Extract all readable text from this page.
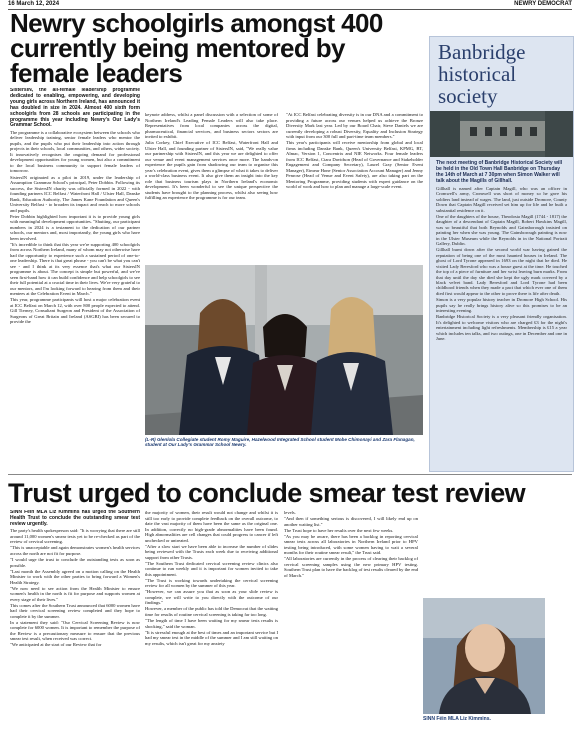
16 March 12, 2024	NEWRY DEMOCRAT
Newry schoolgirls amongst 400 currently being mentored by female leaders

SistersIN, the all-female leadership programme dedicated to enabling, empowering, and developing young girls across Northern Ireland, has announced it has doubled in size in 2024. Almost 400 sixth form schoolgirls from 28 schools are participating in the programme this year including Newry's Our Lady's Grammar School.

The programme is a collaborative ecosystem between the schools who deliver leadership training, senior female leaders who mentor the pupils, and the pupils who put their leadership into action through projects in their schools, local communities, and others, wider society. It innovatively recognises the ongoing demand for professional development opportunities for young women, but also a commitment to the local business community to support female leaders of tomorrow.

SistersIN originated as a pilot in 2019, under the leadership of Assumption Grammar School's principal, Peter Dobbin. Following its success, the SistersIN charity was officially formed in 2022 - with founding partners ICC Belfast / Waterfront Hall / Ulster Hall, Danske Bank, Education Authority, The James Kane Foundation and Queen's University Belfast - to broaden its impact and reach to more schools and pupils.

Peter Dobbin highlighted how important it is to provide young girls with meaningful development opportunities. "Shutting, our participant numbers in 2024 is a testament to the dedication of our partner schools, our mentors and, most importantly, the young girls who have been involved.

"It's incredible to think that this year we're supporting 400 schoolgirls from across Northern Ireland, many of whom may not otherwise have had the opportunity to experience such a sustained period of one-to-one leadership. There is that great phrase - you can't be what you can't see - and I think at its very essence that's what our SistersIN programme is about. The concept is simple but powerful, and we've seen first-hand how it can build confidence and help schoolgirls to see their full potential at a crucial time in their lives. We're very grateful to our mentors, and I'm looking forward to hearing from them and their mentees at the Celebration Event in March."

This year, programme participants will host a major celebration event at ICC Belfast on March 12, with over 800 people expected to attend. Gill Tierney, Consultant Surgeon and President of the Association of Surgeons of Great Britain and Ireland (ASGBI) has been secured to provide the

keynote address, whilst a panel discussion with a selection of some of Northern Ireland's Leading Female Leaders will also take place. Representatives from local companies across the digital, pharmaceutical, financial services, and business sectors sectors are invited to exhibit.

Julia Corkey, Chief Executive of ICC Belfast, Waterfront Hall and Ulster Hall, and founding partner of SistersIN, said, "We really value our partnership with SistersIN, and this year we are delighted to offer our venue and event management services once more. The hands-on experience the pupils gain from shadowing our team to organise this year's celebration event, gives them a glimpse of what it takes to deliver a world-class business event. It also give them an insight into the key role that business tourism plays in Northern Ireland's economic development. It's been wonderful to see the unique perspective the students have brought to the planning process, whilst also seeing how fulfilling an experience the programme is for our team.

"At ICC Belfast celebrating diversity is in our DNA and a commitment to providing a future across our venues helped us achieve the Bronze Diversity Mark last year. Led by our Board Chair, Steve Daniels we are currently developing a robust Diversity, Equality and Inclusion Strategy with input from our 300 full and part-time team members."

This year's participants will receive mentorship from global and local firms including Danske Bank, Queen's University Belfast, KPMG, BT, Almac, Version 1, Concentrix and NIE Networks. Four female leaders from ICC Belfast, Ciara Davidson (Head of Governance and Stakeholder Engagement and Company Secretary), Laurel Gray (Senior Event Manager), Eimear Hone (Senior Association Account Manager) and Jenny Penrose (Head of Venue and Event Safety), are also taking part on the Mentoring Programme, providing students with expert guidance on the world of work and how to plan and manage a large-scale event.

(L-R) Glenlola Collegiate student Romy Maguire, Hazelwood Integrated School student Mobe Chimonayi and Zara Flanagan, student at Our Lady's Grammar School Newry.
Banbridge
historical
society
The next meeting of Banbridge Historical Society will be held in the Old Town Hall Banbridge on Thursday the 14th of March at 7 30pm when Simon Walker will talk about the Magills of Gillhall.

Gillhall is named after Captain Magill, who was an officer in Cromwell's army, Cromwell was short of money so he gave his soldiers land instead of wages. The land, just outside Dromore, County Down that Captain Magill received set him up for life and he built a substantial residence on it.

One of the daughters of the house, Theodosia Magill (1744 - 1817) the daughter of a descendant of Captain Magill, Robert Hawkins Magill, was so beautiful that both Reynolds and Gainsborough insisted on painting her when she was young. The Gainsborough painting is now in the Ulster Museum while the Reynolds in in the National Portrait Gallery, Dublin.

Gillhall burnt down after the second world war having gained the reputation of being one of the most haunted houses in Ireland. The ghost of Lord Tyrone appeared in 1693 on the night that he died. He visited Lady Beresford who was a house guest at the time. He touched the top of a piece of furniture and her wrist leaving burn marks. From that day until the day she died she kept the ugly mark covered by a black velvet band. Lady Beresford and Lord Tyrone had been childhood friends when they made a pact that which ever one of them died first would appear to the other to prove there is life after death.

Simon is a very popular history teacher in Dromore High School. His pupils say he really brings history alive so this promises to be an interesting evening.

Banbridge Historical Society is a very pleasant friendly organisation. It's delighted to welcome visitors who are charged £3 for the night's entertainment including light refreshments. Membership is £15 a year which includes ten talks, and two outings, one in December and one in June.

Trust urged to conclude smear test review

SINN Féin MLA Liz Kimmins has urged the Southern Health Trust to conclude the outstanding smear test review urgently.

The party's health spokesperson said: "It is worrying that there are still around 11,000 women's smear tests yet to be re-checked as part of the review of cervical screening.

"This is unacceptable and again demonstrates women's health services across the north are not fit for purpose.

"I would urge the trust to conclude the outstanding tests as soon as possible.

"Last month the Assembly agreed on a motion calling on the Health Minister to work with the other parties to bring forward a Women's Health Strategy.

"We now need to see action from the Health Minister to ensure women's health in the north is fit for purpose and supports women at every stage of their lives."

This comes after the Southern Trust announced that 6000 women have had their cervical screening review completed and they hope to complete it by the summer.

In a statement they said: "Our Cervical Screening Review is now complete for 6000 women. It is important to remember the purpose of the Review is a precautionary measure to ensure that the previous smear test result, when received was correct.

"We anticipated at the start of our Review that for

the majority of women, their result would not change and whilst it is still too early to provide complete feedback on the overall outcome, to date the vast majority of them have been the same as the original one. In addition, correctly no high-grade abnormalities have been found. High abnormalities are cell changes that could progress to cancer if left unchecked or untreated.

"After a slow start we have been able to increase the number of slides being reviewed with the Trusts each week due to receiving additional support from other Trusts.

"The Southern Trust dedicated cervical screening review clinics also continue to run weekly and it is important for women invited to take this appointment.

"The Trust is working towards undertaking the cervical screening review for all women by the summer of this year.

"However, we can assure you that as soon as your slide review is complete, we will write to you directly with the outcome of our findings."

However, a member of the public has told the Democrat that the waiting time for results of routine cervical screening is taking far too long.

"The length of time I have been waiting for my smear tests results is shocking," said the woman.

"It is stressful enough at the best of times and an important service but I had my smear test in the middle of the summer and I am still waiting on my results, which isn't great for my anxiety

levels.

"And then if something serious is discovered, I will likely end up on another waiting list."

The Trust hope to have her results over the next few weeks.

"As you may be aware, there has been a backlog in reporting cervical smear tests across all laboratories in Northern Ireland prior to HPV testing being introduced, with some women having to wait a several months for their routine smear result," the Trust said.

"All laboratories are currently in the process of clearing their backlog of cervical screening samples using the new primary HPV testing. Southern Trust plan to have the backlog of test results cleared by the end of March."

SINN Féin MLA Liz Kimmins.
